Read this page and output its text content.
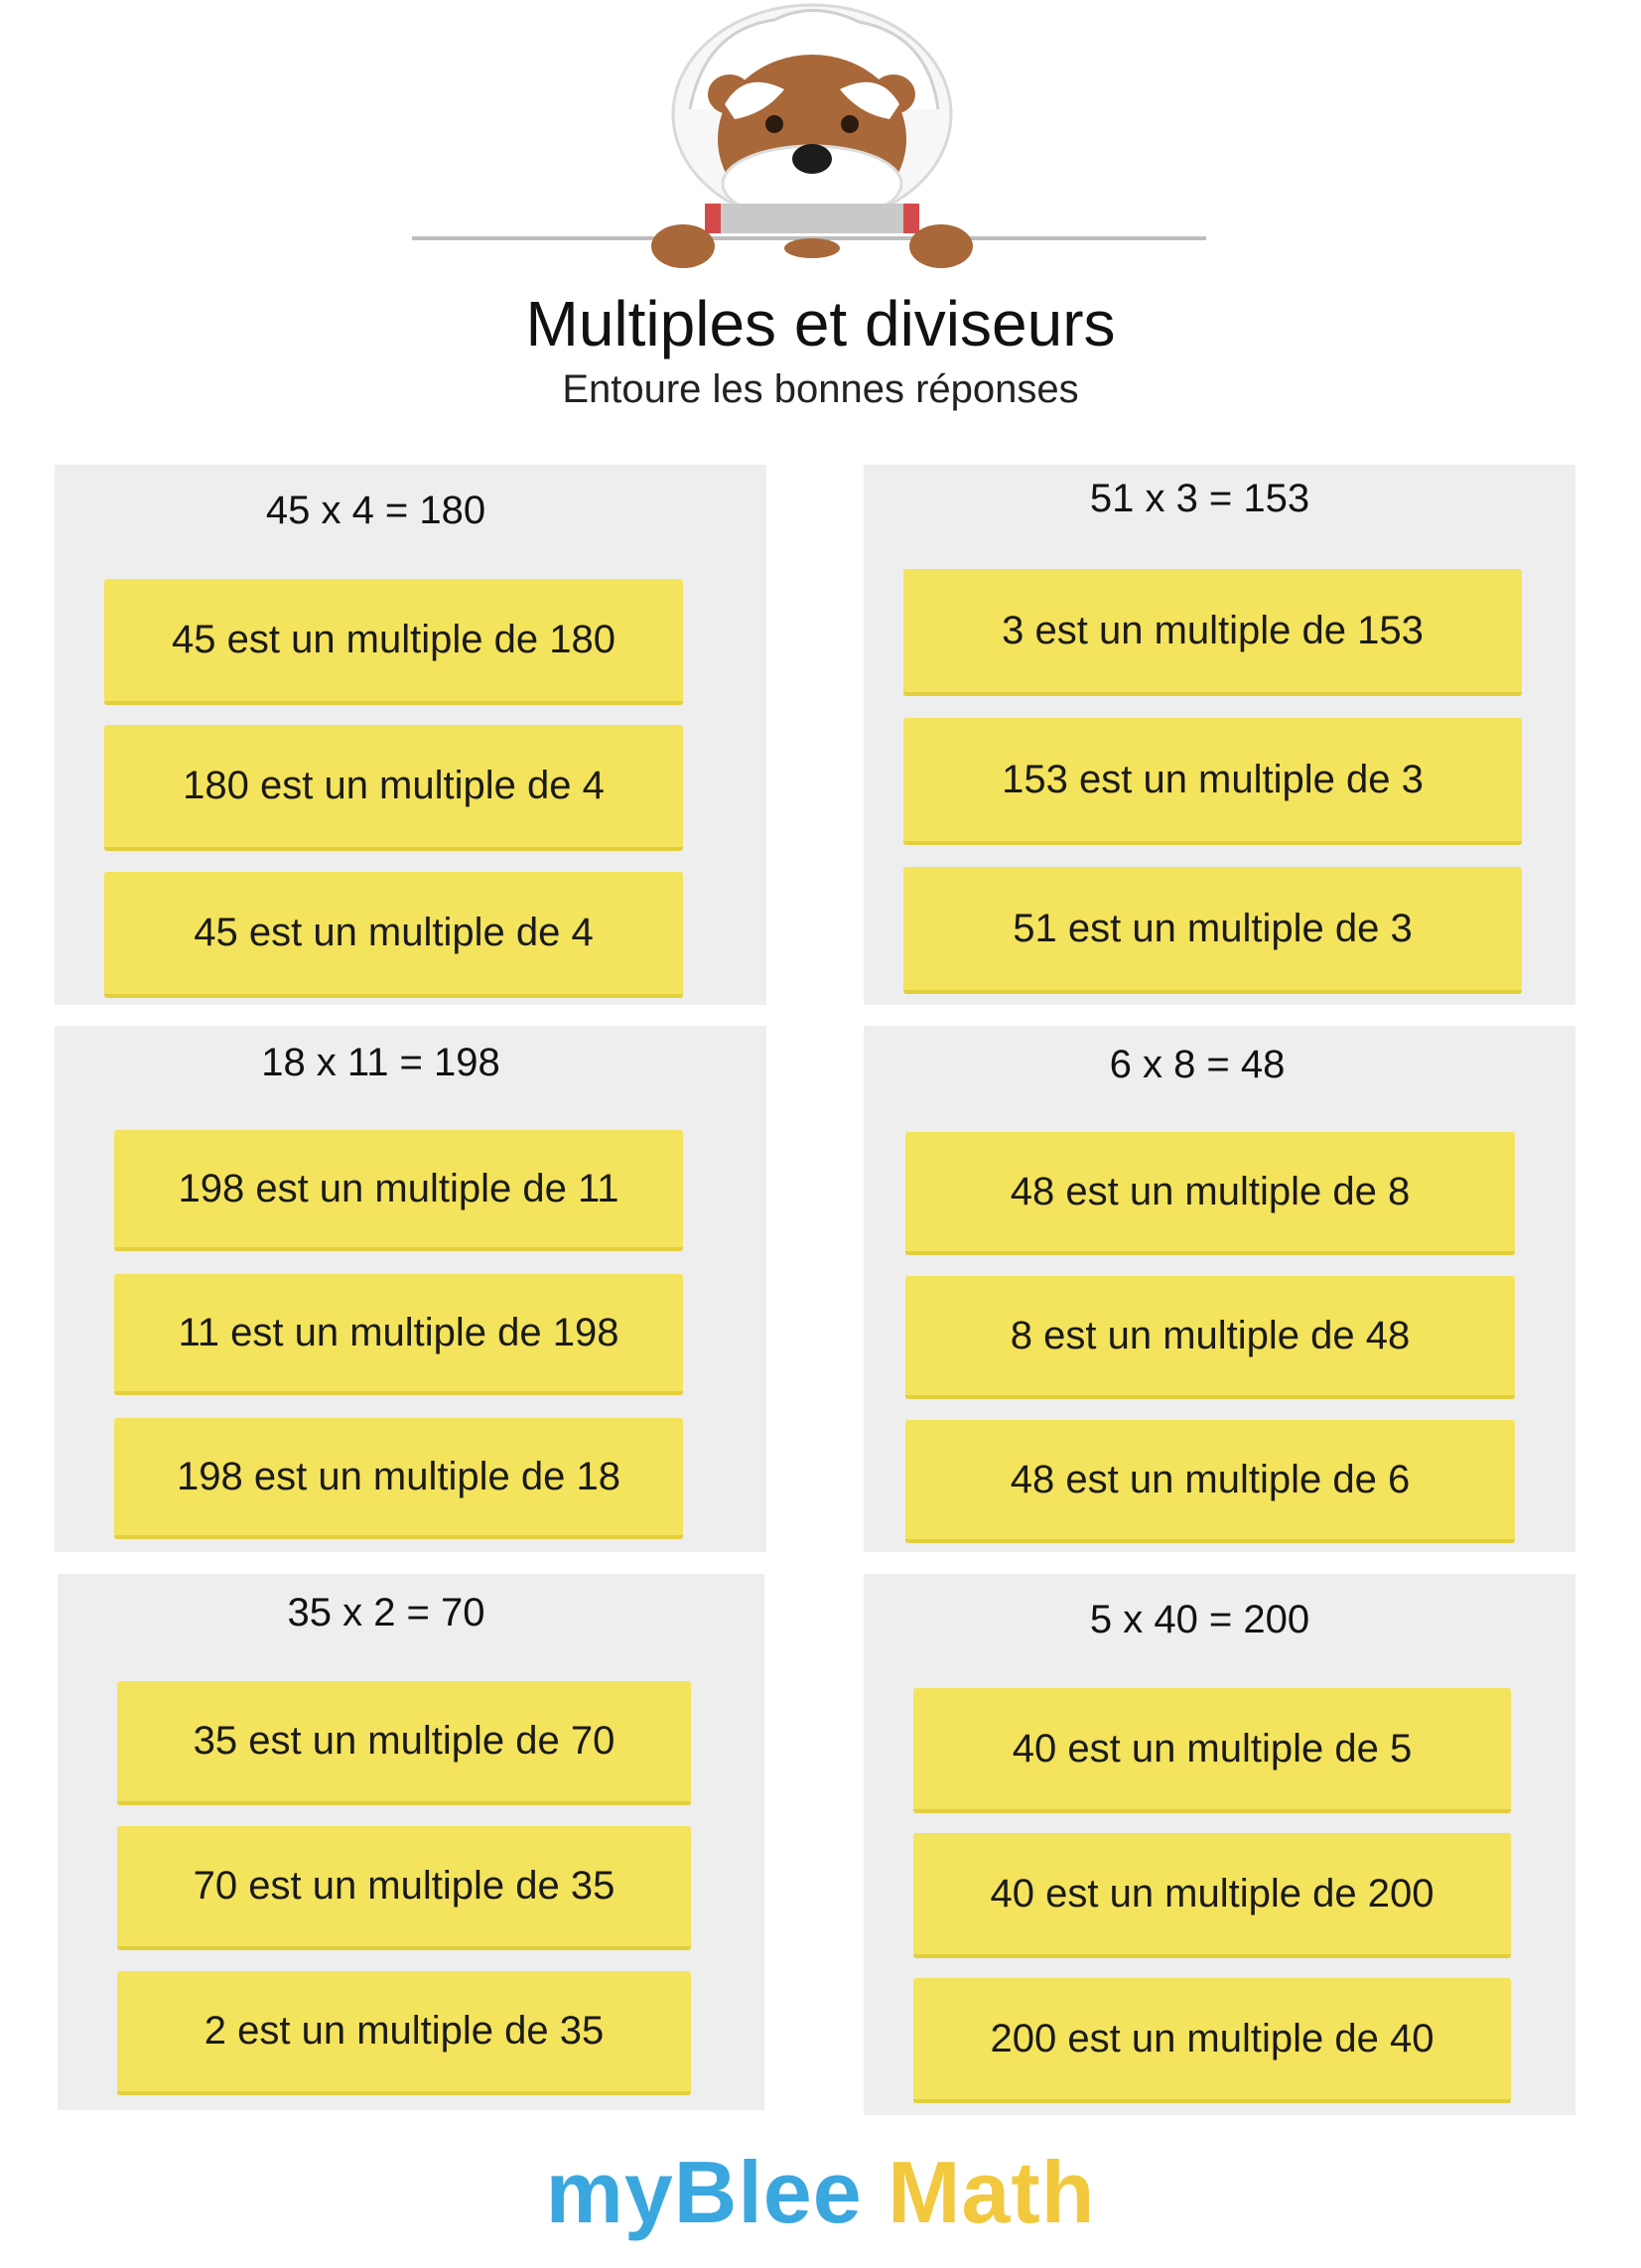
Multiples et diviseurs
Entoure les bonnes réponses
45 x 4 = 180
45 est un multiple de 180
180 est un multiple de 4
45 est un multiple de 4
51 x 3 = 153
3 est un multiple de 153
153 est un multiple de 3
51 est un multiple de 3
18 x 11 = 198
198 est un multiple de 11
11 est un multiple de 198
198 est un multiple de 18
6 x 8 = 48
48 est un multiple de 8
8 est un multiple de 48
48 est un multiple de 6
35 x 2 = 70
35 est un multiple de 70
70 est un multiple de 35
2 est un multiple de 35
5 x 40 = 200
40 est un multiple de 5
40 est un multiple de 200
200 est un multiple de 40
myBlee Math
